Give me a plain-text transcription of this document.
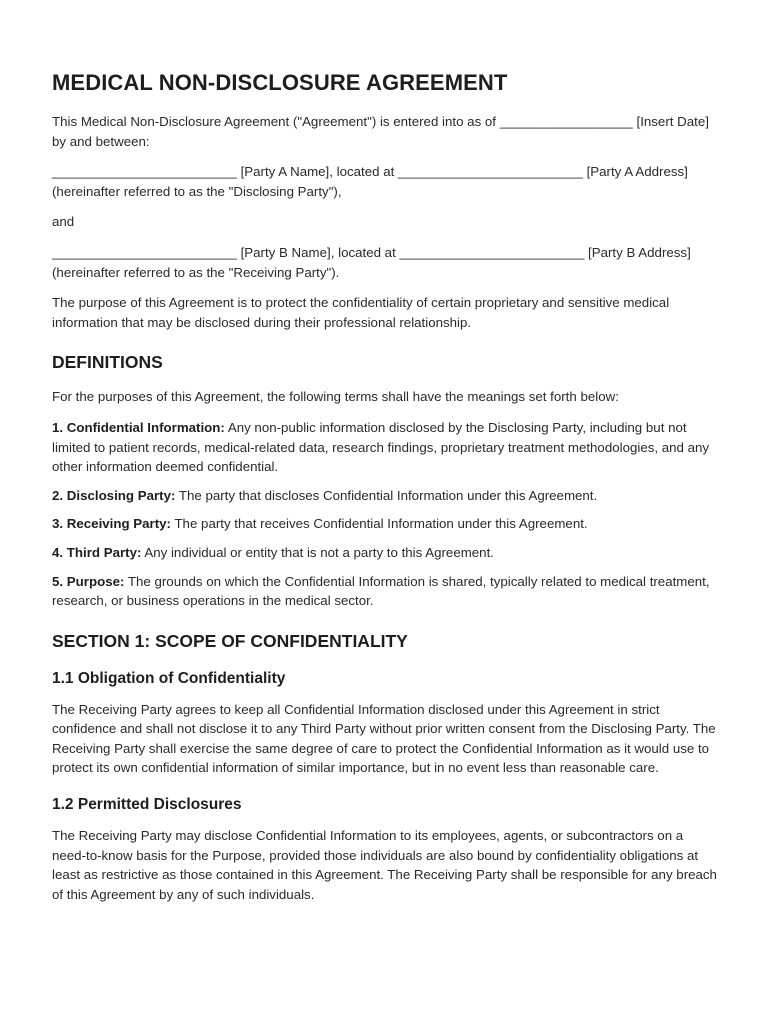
MEDICAL NON-DISCLOSURE AGREEMENT

This Medical Non-Disclosure Agreement ("Agreement") is entered into as of __________________ [Insert Date] by and between:

_________________________ [Party A Name], located at _________________________ [Party A Address] (hereinafter referred to as the "Disclosing Party"),

and

_________________________ [Party B Name], located at _________________________ [Party B Address] (hereinafter referred to as the "Receiving Party").

The purpose of this Agreement is to protect the confidentiality of certain proprietary and sensitive medical information that may be disclosed during their professional relationship.

DEFINITIONS

For the purposes of this Agreement, the following terms shall have the meanings set forth below:

1. Confidential Information: Any non-public information disclosed by the Disclosing Party, including but not limited to patient records, medical-related data, research findings, proprietary treatment methodologies, and any other information deemed confidential.

2. Disclosing Party: The party that discloses Confidential Information under this Agreement.

3. Receiving Party: The party that receives Confidential Information under this Agreement.

4. Third Party: Any individual or entity that is not a party to this Agreement.

5. Purpose: The grounds on which the Confidential Information is shared, typically related to medical treatment, research, or business operations in the medical sector.

SECTION 1: SCOPE OF CONFIDENTIALITY
1.1 Obligation of Confidentiality

The Receiving Party agrees to keep all Confidential Information disclosed under this Agreement in strict confidence and shall not disclose it to any Third Party without prior written consent from the Disclosing Party. The Receiving Party shall exercise the same degree of care to protect the Confidential Information as it would use to protect its own confidential information of similar importance, but in no event less than reasonable care.

1.2 Permitted Disclosures

The Receiving Party may disclose Confidential Information to its employees, agents, or subcontractors on a need-to-know basis for the Purpose, provided those individuals are also bound by confidentiality obligations at least as restrictive as those contained in this Agreement. The Receiving Party shall be responsible for any breach of this Agreement by any of such individuals.
